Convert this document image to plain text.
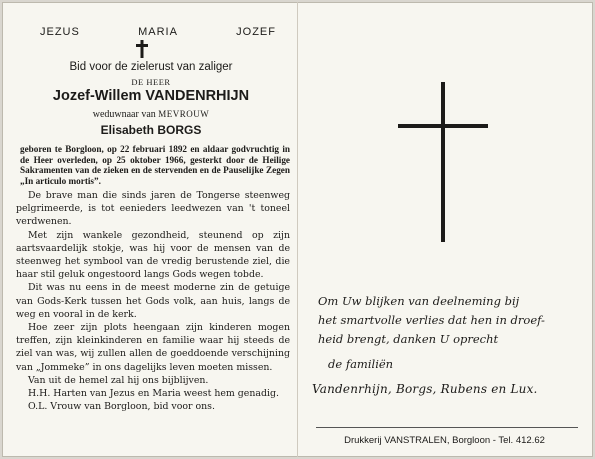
JEZUS	MARIA	JOZEF
Bid voor de zielerust van zaliger
DE HEER
Jozef-Willem VANDENRHIJN
weduwnaar van MEVROUW
Elisabeth BORGS

geboren te Borgloon, op 22 februari 1892 en aldaar godvruchtig in de Heer overleden, op 25 oktober 1966, gesterkt door de Heilige Sakramenten van de zieken en de stervenden en de Pauselijke Zegen „In articulo mortis”.

De brave man die sinds jaren de Tongerse steenweg pelgrimeerde, is tot eenieders leedwezen van 't toneel verdwenen.

Met zijn wankele gezondheid, steunend op zijn aartsvaardelijk stokje, was hij voor de mensen van de steenweg het symbool van de vredig berustende ziel, die haar stil geluk ongestoord langs Gods wegen tobde.

Dit was nu eens in de meest moderne zin de getuige van Gods-Kerk tussen het Gods volk, aan huis, langs de weg en vooral in de kerk.

Hoe zeer zijn plots heengaan zijn kinderen mogen treffen, zijn kleinkinderen en familie waar hij steeds de ziel van was, wij zullen allen de goeddoende verschijning van „Jommeke” in ons dagelijks leven moeten missen.

Van uit de hemel zal hij ons bijblijven.

H.H. Harten van Jezus en Maria weest hem genadig.

O.L. Vrouw van Borgloon, bid voor ons.

Om Uw blijken van deelneming bij

het smartvolle verlies dat hen in droef-

heid brengt, danken U oprecht

de familiën
Vandenrhijn, Borgs, Rubens en Lux.
Drukkerij VANSTRALEN, Borgloon - Tel. 412.62
